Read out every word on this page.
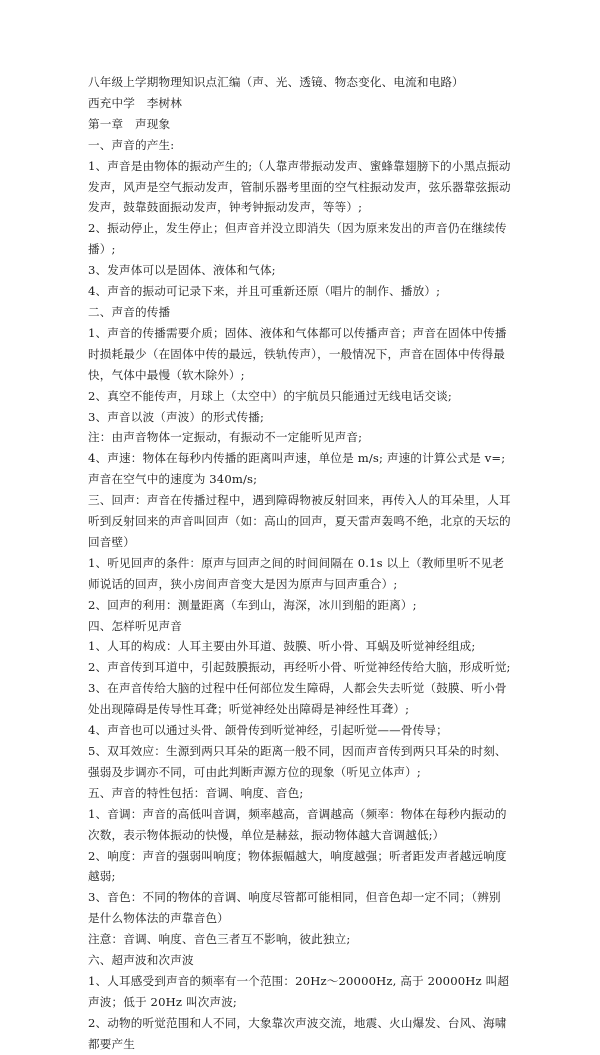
八年级上学期物理知识点汇编（声、光、透镜、物态变化、电流和电路）

西充中学　李树林

第一章　声现象

一、声音的产生:

1、声音是由物体的振动产生的;（人靠声带振动发声、蜜蜂靠翅膀下的小黑点振动发声，风声是空气振动发声，管制乐器考里面的空气柱振动发声，弦乐器靠弦振动发声，鼓靠鼓面振动发声，钟考钟振动发声，等等）;

2、振动停止，发生停止；但声音并没立即消失（因为原来发出的声音仍在继续传播）;

3、发声体可以是固体、液体和气体;

4、声音的振动可记录下来，并且可重新还原（唱片的制作、播放）;

二、声音的传播

1、声音的传播需要介质；固体、液体和气体都可以传播声音；声音在固体中传播时损耗最少（在固体中传的最远，铁轨传声），一般情况下，声音在固体中传得最快，气体中最慢（软木除外）;

2、真空不能传声，月球上（太空中）的宇航员只能通过无线电话交谈;

3、声音以波（声波）的形式传播;

注：由声音物体一定振动，有振动不一定能听见声音;

4、声速：物体在每秒内传播的距离叫声速，单位是 m/s; 声速的计算公式是 v=; 声音在空气中的速度为 340m/s;

三、回声：声音在传播过程中，遇到障碍物被反射回来，再传入人的耳朵里，人耳听到反射回来的声音叫回声（如：高山的回声，夏天雷声轰鸣不绝，北京的天坛的回音壁）

1、听见回声的条件：原声与回声之间的时间间隔在 0.1s 以上（教师里听不见老师说话的回声，狭小房间声音变大是因为原声与回声重合）;

2、回声的利用：测量距离（车到山，海深，冰川到船的距离）;

四、怎样听见声音

1、人耳的构成：人耳主要由外耳道、鼓膜、听小骨、耳蜗及听觉神经组成;

2、声音传到耳道中，引起鼓膜振动，再经听小骨、听觉神经传给大脑，形成听觉;

3、在声音传给大脑的过程中任何部位发生障碍，人都会失去听觉（鼓膜、听小骨处出现障碍是传导性耳聋；听觉神经处出障碍是神经性耳聋）;

4、声音也可以通过头骨、颌骨传到听觉神经，引起听觉——骨传导；

5、双耳效应：生源到两只耳朵的距离一般不同，因而声音传到两只耳朵的时刻、强弱及步调亦不同，可由此判断声源方位的现象（听见立体声）;

五、声音的特性包括：音调、响度、音色;

1、音调：声音的高低叫音调，频率越高，音调越高（频率：物体在每秒内振动的次数，表示物体振动的快慢，单位是赫兹，振动物体越大音调越低;）

2、响度：声音的强弱叫响度；物体振幅越大，响度越强；听者距发声者越远响度越弱;

3、音色：不同的物体的音调、响度尽管都可能相同，但音色却一定不同；（辨别是什么物体法的声靠音色）

注意：音调、响度、音色三者互不影响，彼此独立;

六、超声波和次声波

1、人耳感受到声音的频率有一个范围：20Hz～20000Hz, 高于 20000Hz 叫超声波；低于 20Hz 叫次声波;

2、动物的听觉范围和人不同，大象靠次声波交流，地震、火山爆发、台风、海啸都要产生
